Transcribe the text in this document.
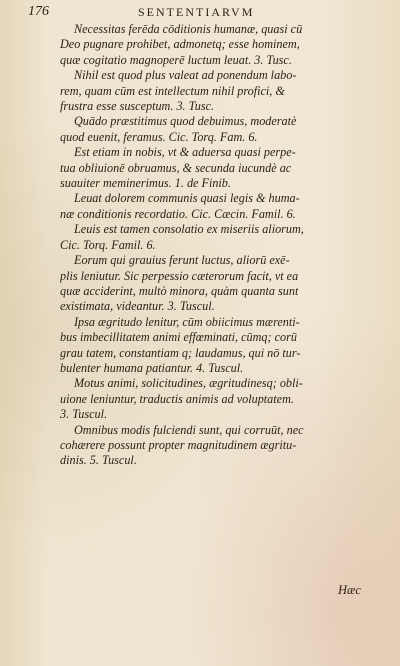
176	SENTENTIARVM

Necessitas ferēda cōditionis humanæ, quasi cū
Deo pugnare prohibet, admonetq; esse hominem,
quæ cogitatio magnoperē luctum leuat. 3. Tusc.

Nihil est quod plus valeat ad ponendum labo-
rem, quam cūm est intellectum nihil profici, &
frustra esse susceptum. 3. Tusc.

Quādo præstitimus quod debuimus, moderatè
quod euenit, feramus. Cic. Torq. Fam. 6.

Est etiam in nobis, vt & aduersa quasi perpe-
tua obliuionē obruamus, & secunda iucundè ac
suauiter meminerimus. 1. de Finib.

Leuat dolorem communis quasi legis & huma-
næ conditionis recordatio. Cic. Cæcin. Famil. 6.

Leuis est tamen consolatio ex miseriis aliorum,
Cic. Torq. Famil. 6.

Eorum qui grauius ferunt luctus, aliorū exē-
plis leniutur. Sic perpessio cæterorum facit, vt ea
quæ acciderint, multò minora, quàm quanta sunt
existimata, videantur. 3. Tuscul.

Ipsa ægritudo lenitur, cūm obiicimus mærenti-
bus imbecillitatem animi effœminati, cūmq; corū
grau tatem, constantiam q; laudamus, qui nō tur-
bulenter humana patiantur. 4. Tuscul.

Motus animi, solicitudines, ægritudinesq; obli-
uione leniuntur, traductis animis ad voluptatem.
3. Tuscul.

Omnibus modis fulciendi sunt, qui corruūt, nec
cohærere possunt propter magnitudinem ægritu-
dinis. 5. Tuscul.

Hæc
